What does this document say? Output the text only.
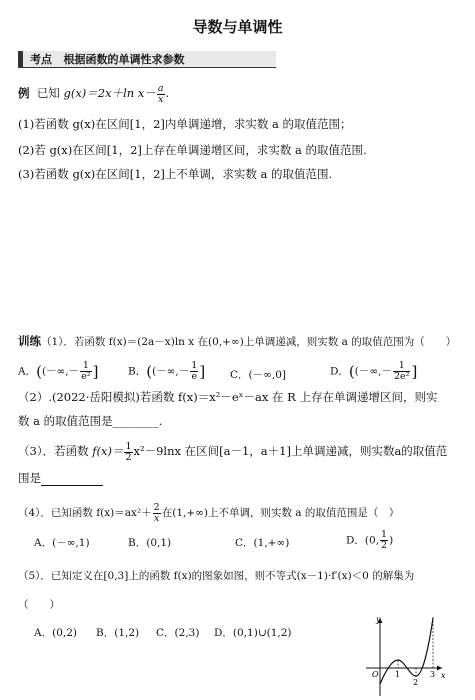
导数与单调性
考点 根据函数的单调性求参数
例 已知 g(x)＝2x＋ln $x- \frac{a}{x}$ .
(1)若函数 g(x)在区间[1，2]内单调递增，求实数 a 的取值范围；
(2)若 g(x)在区间[1，2]上存在单调递增区间，求实数 a 的取值范围.
(3)若函数 g(x)在区间[1，2]上不单调，求实数 a 的取值范围.
训练（1）．若函数 f(x)＝(2a－x)ln x 在(0,+∞)上单调递减，则实数 a 的取值范围为（　　）
A．((－∞,－ $\frac{1}{\text{e²}}$ ]	B．((－∞,－ $\frac{1}{e}$ ] C．(－∞,0]	D．((－∞,－ $\frac{1}{\text{2e²}}$ ]
（2）.(2022·岳阳模拟)若函数 f(x)＝x²－eˣ－ax 在 R 上存在单调递增区间，则实
数 a 的取值范围是________.
（3）．若函数 $f(x)= \frac{1}{2} x^2-9\ln x$ 在区间[a－1，a＋1]上单调递减，则实数a的取值范
围是
（4）．已知函数 $f(x)=ax^2+ \frac{2}{x}$ 在(1,+∞)上不单调，则实数 a 的取值范围是（　）
A．(－∞,1)	B．(0,1)	C．(1,+∞)	D．(0, $\frac{1}{2}$ )
（5）．已知定义在[0,3]上的函数 f(x)的图象如图，则不等式(x－1)·f′(x)＜0 的解集为
（　　）
A．(0,2) B．(1,2) C．(2,3) D．(0,1)∪(1,2)
y
x
O 1
2
3
